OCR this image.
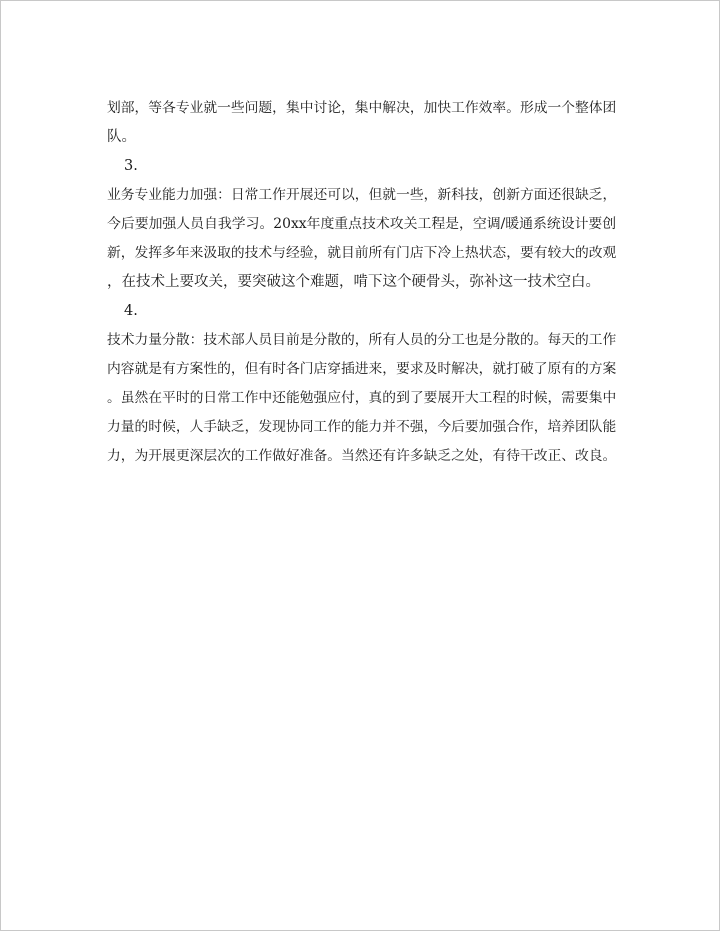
划部，等各专业就一些问题，集中讨论，集中解决，加快工作效率。形成一个整体团
队。
3.
业务专业能力加强：日常工作开展还可以，但就一些，新科技，创新方面还很缺乏，
今后要加强人员自我学习。20xx年度重点技术攻关工程是，空调/暖通系统设计要创
新，发挥多年来汲取的技术与经验，就目前所有门店下冷上热状态，要有较大的改观
，在技术上要攻关，要突破这个难题，啃下这个硬骨头，弥补这一技术空白。
4.
技术力量分散：技术部人员目前是分散的，所有人员的分工也是分散的。每天的工作
内容就是有方案性的，但有时各门店穿插进来，要求及时解决，就打破了原有的方案
。虽然在平时的日常工作中还能勉强应付，真的到了要展开大工程的时候，需要集中
力量的时候，人手缺乏，发现协同工作的能力并不强，今后要加强合作，培养团队能
力，为开展更深层次的工作做好准备。当然还有许多缺乏之处，有待干改正、改良。
